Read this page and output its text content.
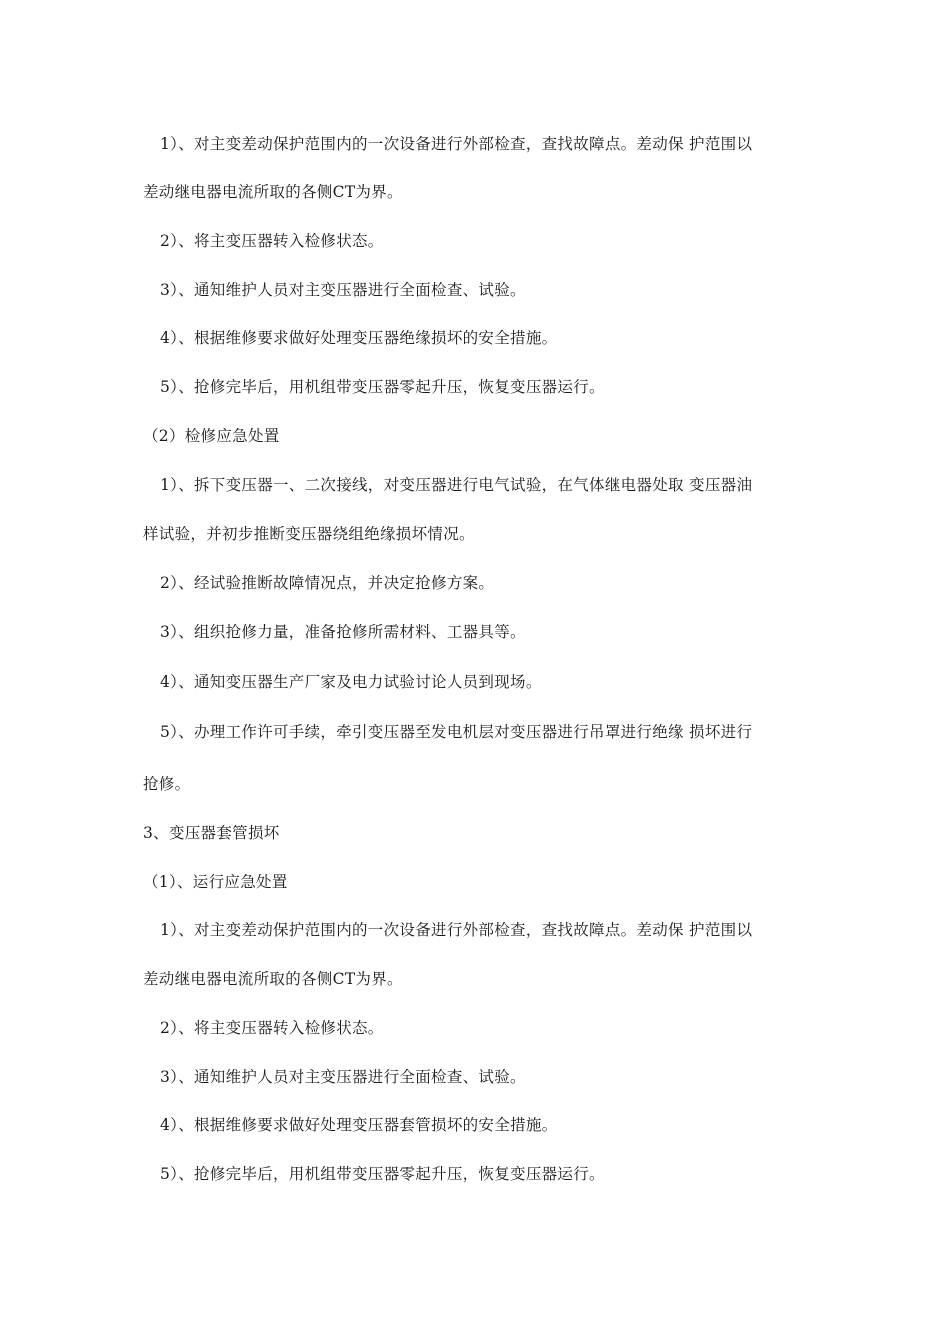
1）、对主变差动保护范围内的一次设备进行外部检查，查找故障点。差动保 护范围以
差动继电器电流所取的各侧CT为界。
2）、将主变压器转入检修状态。
3）、通知维护人员对主变压器进行全面检查、试验。
4）、根据维修要求做好处理变压器绝缘损坏的安全措施。
5）、抢修完毕后，用机组带变压器零起升压，恢复变压器运行。
（2）检修应急处置
1）、拆下变压器一、二次接线，对变压器进行电气试验，在气体继电器处取 变压器油
样试验，并初步推断变压器绕组绝缘损坏情况。
2）、经试验推断故障情况点，并决定抢修方案。
3）、组织抢修力量，准备抢修所需材料、工器具等。
4）、通知变压器生产厂家及电力试验讨论人员到现场。
5）、办理工作许可手续，牵引变压器至发电机层对变压器进行吊罩进行绝缘 损坏进行
抢修。
3、变压器套管损坏
（1）、运行应急处置
1）、对主变差动保护范围内的一次设备进行外部检查，查找故障点。差动保 护范围以
差动继电器电流所取的各侧CT为界。
2）、将主变压器转入检修状态。
3）、通知维护人员对主变压器进行全面检查、试验。
4）、根据维修要求做好处理变压器套管损坏的安全措施。
5）、抢修完毕后，用机组带变压器零起升压，恢复变压器运行。
